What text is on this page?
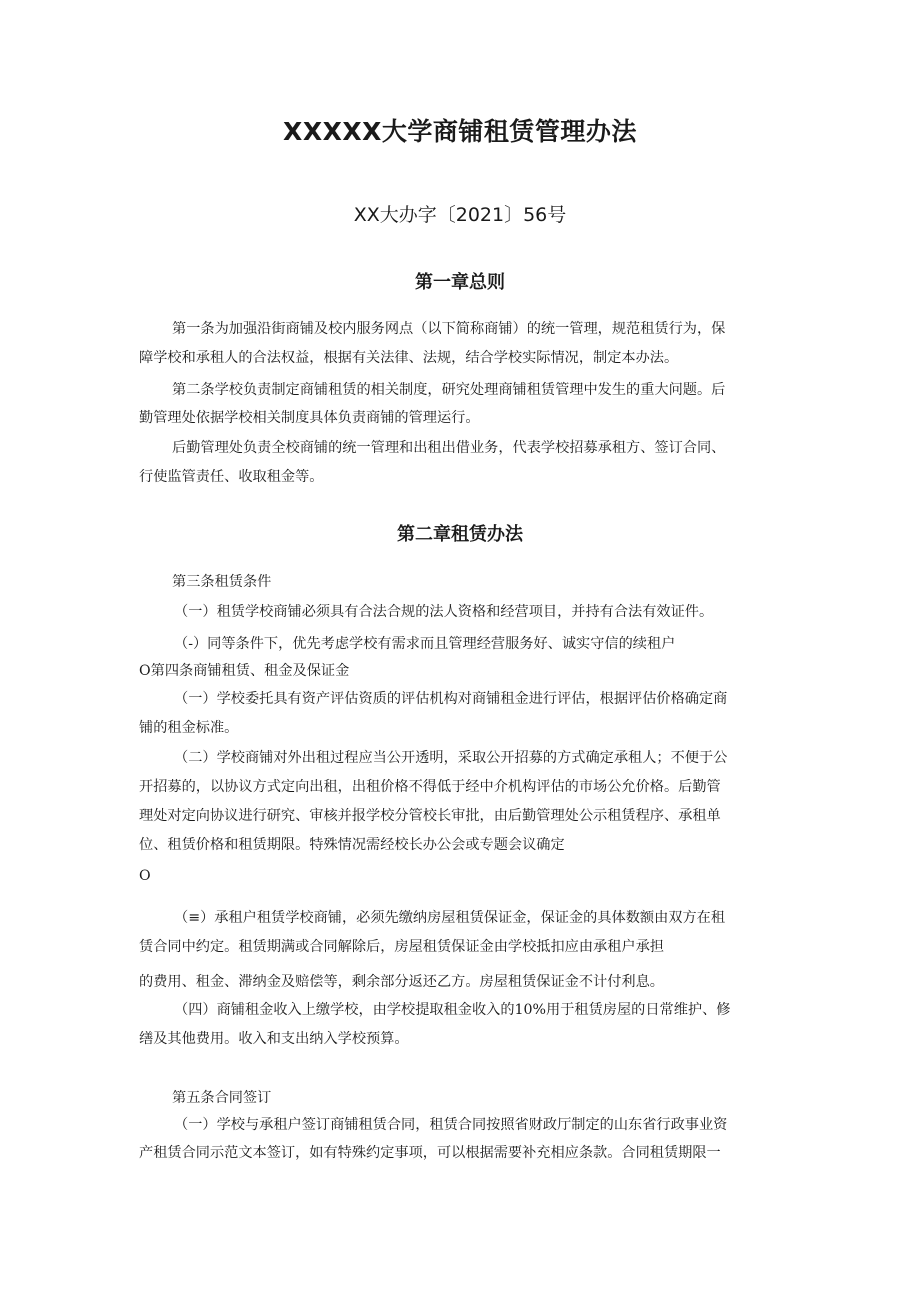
XXXXX大学商铺租赁管理办法
XX大办字〔2021〕56号
第一章总则
第一条为加强沿街商铺及校内服务网点（以下简称商铺）的统一管理，规范租赁行为，保
障学校和承租人的合法权益，根据有关法律、法规，结合学校实际情况，制定本办法。
第二条学校负责制定商铺租赁的相关制度，研究处理商铺租赁管理中发生的重大问题。后
勤管理处依据学校相关制度具体负责商铺的管理运行。
后勤管理处负责全校商铺的统一管理和出租出借业务，代表学校招募承租方、签订合同、
行使监管责任、收取租金等。
第二章租赁办法
第三条租赁条件
（一）租赁学校商铺必须具有合法合规的法人资格和经营项目，并持有合法有效证件。
（-）同等条件下，优先考虑学校有需求而且管理经营服务好、诚实守信的续租户
O第四条商铺租赁、租金及保证金
（一）学校委托具有资产评估资质的评估机构对商铺租金进行评估，根据评估价格确定商
铺的租金标准。
（二）学校商铺对外出租过程应当公开透明，采取公开招募的方式确定承租人；不便于公
开招募的，以协议方式定向出租，出租价格不得低于经中介机构评估的市场公允价格。后勤管
理处对定向协议进行研究、审核并报学校分管校长审批，由后勤管理处公示租赁程序、承租单
位、租赁价格和租赁期限。特殊情况需经校长办公会或专题会议确定
O
（≡）承租户租赁学校商铺，必须先缴纳房屋租赁保证金，保证金的具体数额由双方在租
赁合同中约定。租赁期满或合同解除后，房屋租赁保证金由学校抵扣应由承租户承担
的费用、租金、滞纳金及赔偿等，剩余部分返还乙方。房屋租赁保证金不计付利息。
（四）商铺租金收入上缴学校，由学校提取租金收入的10%用于租赁房屋的日常维护、修
缮及其他费用。收入和支出纳入学校预算。
第五条合同签订
（一）学校与承租户签订商铺租赁合同，租赁合同按照省财政厅制定的山东省行政事业资
产租赁合同示范文本签订，如有特殊约定事项，可以根据需要补充相应条款。合同租赁期限一
